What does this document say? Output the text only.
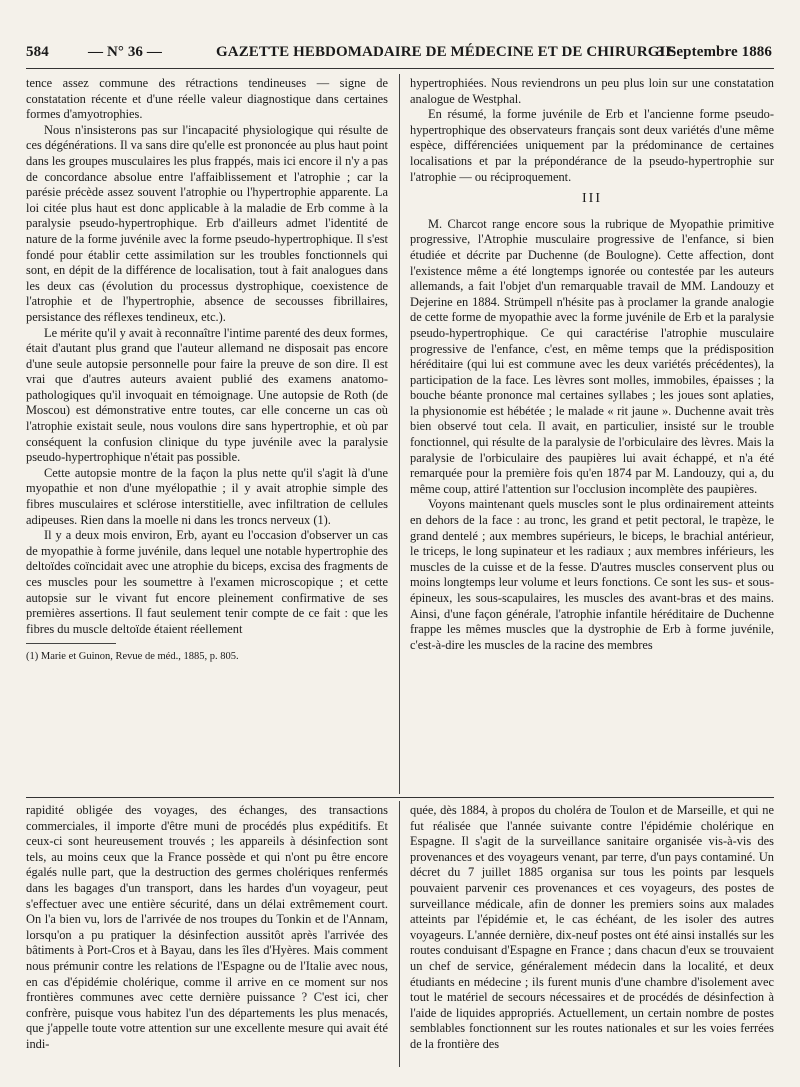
584	— N° 36 —	GAZETTE HEBDOMADAIRE DE MÉDECINE ET DE CHIRURGIE
3 Septembre 1886

tence assez commune des rétractions tendineuses — signe de constatation récente et d'une réelle valeur diagnostique dans certaines formes d'amyotrophies.

Nous n'insisterons pas sur l'incapacité physiologique qui résulte de ces dégénérations. Il va sans dire qu'elle est prononcée au plus haut point dans les groupes musculaires les plus frappés, mais ici encore il n'y a pas de concordance absolue entre l'affaiblissement et l'atrophie ; car la parésie précède assez souvent l'atrophie ou l'hypertrophie apparente. La loi citée plus haut est donc applicable à la maladie de Erb comme à la paralysie pseudo-hypertrophique. Erb d'ailleurs admet l'identité de nature de la forme juvénile avec la forme pseudo-hypertrophique. Il s'est fondé pour établir cette assimilation sur les troubles fonctionnels qui sont, en dépit de la différence de localisation, tout à fait analogues dans les deux cas (évolution du processus dystrophique, coexistence de l'atrophie et de l'hypertrophie, absence de secousses fibrillaires, persistance des réflexes tendineux, etc.).

Le mérite qu'il y avait à reconnaître l'intime parenté des deux formes, était d'autant plus grand que l'auteur allemand ne disposait pas encore d'une seule autopsie personnelle pour faire la preuve de son dire. Il est vrai que d'autres auteurs avaient publié des examens anatomo-pathologiques qu'il invoquait en témoignage. Une autopsie de Roth (de Moscou) est démonstrative entre toutes, car elle concerne un cas où l'atrophie existait seule, nous voulons dire sans hypertrophie, et où par conséquent la confusion clinique du type juvénile avec la paralysie pseudo-hypertrophique n'était pas possible.

Cette autopsie montre de la façon la plus nette qu'il s'agit là d'une myopathie et non d'une myélopathie ; il y avait atrophie simple des fibres musculaires et sclérose interstitielle, avec infiltration de cellules adipeuses. Rien dans la moelle ni dans les troncs nerveux (1).

Il y a deux mois environ, Erb, ayant eu l'occasion d'observer un cas de myopathie à forme juvénile, dans lequel une notable hypertrophie des deltoïdes coïncidait avec une atrophie du biceps, excisa des fragments de ces muscles pour les soumettre à l'examen microscopique ; et cette autopsie sur le vivant fut encore pleinement confirmative de ses premières assertions. Il faut seulement tenir compte de ce fait : que les fibres du muscle deltoïde étaient réellement

(1) Marie et Guinon, Revue de méd., 1885, p. 805.

hypertrophiées. Nous reviendrons un peu plus loin sur une constatation analogue de Westphal.

En résumé, la forme juvénile de Erb et l'ancienne forme pseudo-hypertrophique des observateurs français sont deux variétés d'une même espèce, différenciées uniquement par la prédominance de certaines localisations et par la prépondérance de la pseudo-hypertrophie sur l'atrophie — ou réciproquement.

III

M. Charcot range encore sous la rubrique de Myopathie primitive progressive, l'Atrophie musculaire progressive de l'enfance, si bien étudiée et décrite par Duchenne (de Boulogne). Cette affection, dont l'existence même a été longtemps ignorée ou contestée par les auteurs allemands, a fait l'objet d'un remarquable travail de MM. Landouzy et Dejerine en 1884. Strümpell n'hésite pas à proclamer la grande analogie de cette forme de myopathie avec la forme juvénile de Erb et la paralysie pseudo-hypertrophique. Ce qui caractérise l'atrophie musculaire progressive de l'enfance, c'est, en même temps que la prédisposition héréditaire (qui lui est commune avec les deux variétés précédentes), la participation de la face. Les lèvres sont molles, immobiles, épaisses ; la bouche béante prononce mal certaines syllabes ; les joues sont aplaties, la physionomie est hébétée ; le malade « rit jaune ». Duchenne avait très bien observé tout cela. Il avait, en particulier, insisté sur le trouble fonctionnel, qui résulte de la paralysie de l'orbiculaire des lèvres. Mais la paralysie de l'orbiculaire des paupières lui avait échappé, et n'a été remarquée pour la première fois qu'en 1874 par M. Landouzy, qui a, du même coup, attiré l'attention sur l'occlusion incomplète des paupières.

Voyons maintenant quels muscles sont le plus ordinairement atteints en dehors de la face : au tronc, les grand et petit pectoral, le trapèze, le grand dentelé ; aux membres supérieurs, le biceps, le brachial antérieur, le triceps, le long supinateur et les radiaux ; aux membres inférieurs, les muscles de la cuisse et de la fesse. D'autres muscles conservent plus ou moins longtemps leur volume et leurs fonctions. Ce sont les sus- et sous-épineux, les sous-scapulaires, les muscles des avant-bras et des mains. Ainsi, d'une façon générale, l'atrophie infantile héréditaire de Duchenne frappe les mêmes muscles que la dystrophie de Erb à forme juvénile, c'est-à-dire les muscles de la racine des membres

rapidité obligée des voyages, des échanges, des transactions commerciales, il importe d'être muni de procédés plus expéditifs. Et ceux-ci sont heureusement trouvés ; les appareils à désinfection sont tels, au moins ceux que la France possède et qui n'ont pu être encore égalés nulle part, que la destruction des germes cholériques renfermés dans les bagages d'un transport, dans les hardes d'un voyageur, peut s'effectuer avec une entière sécurité, dans un délai extrêmement court. On l'a bien vu, lors de l'arrivée de nos troupes du Tonkin et de l'Annam, lorsqu'on a pu pratiquer la désinfection aussitôt après l'arrivée des bâtiments à Port-Cros et à Bayau, dans les îles d'Hyères. Mais comment nous prémunir contre les relations de l'Espagne ou de l'Italie avec nous, en cas d'épidémie cholérique, comme il arrive en ce moment sur nos frontières communes avec cette dernière puissance ? C'est ici, cher confrère, puisque vous habitez l'un des départements les plus menacés, que j'appelle toute votre attention sur une excellente mesure qui avait été indi-

quée, dès 1884, à propos du choléra de Toulon et de Marseille, et qui ne fut réalisée que l'année suivante contre l'épidémie cholérique en Espagne. Il s'agit de la surveillance sanitaire organisée vis-à-vis des provenances et des voyageurs venant, par terre, d'un pays contaminé. Un décret du 7 juillet 1885 organisa sur tous les points par lesquels pouvaient parvenir ces provenances et ces voyageurs, des postes de surveillance médicale, afin de donner les premiers soins aux malades atteints par l'épidémie et, le cas échéant, de les isoler des autres voyageurs. L'année dernière, dix-neuf postes ont été ainsi installés sur les routes conduisant d'Espagne en France ; dans chacun d'eux se trouvaient un chef de service, généralement médecin dans la localité, et deux étudiants en médecine ; ils furent munis d'une chambre d'isolement avec tout le matériel de secours nécessaires et de procédés de désinfection à l'aide de liquides appropriés. Actuellement, un certain nombre de postes semblables fonctionnent sur les routes nationales et sur les voies ferrées de la frontière des
